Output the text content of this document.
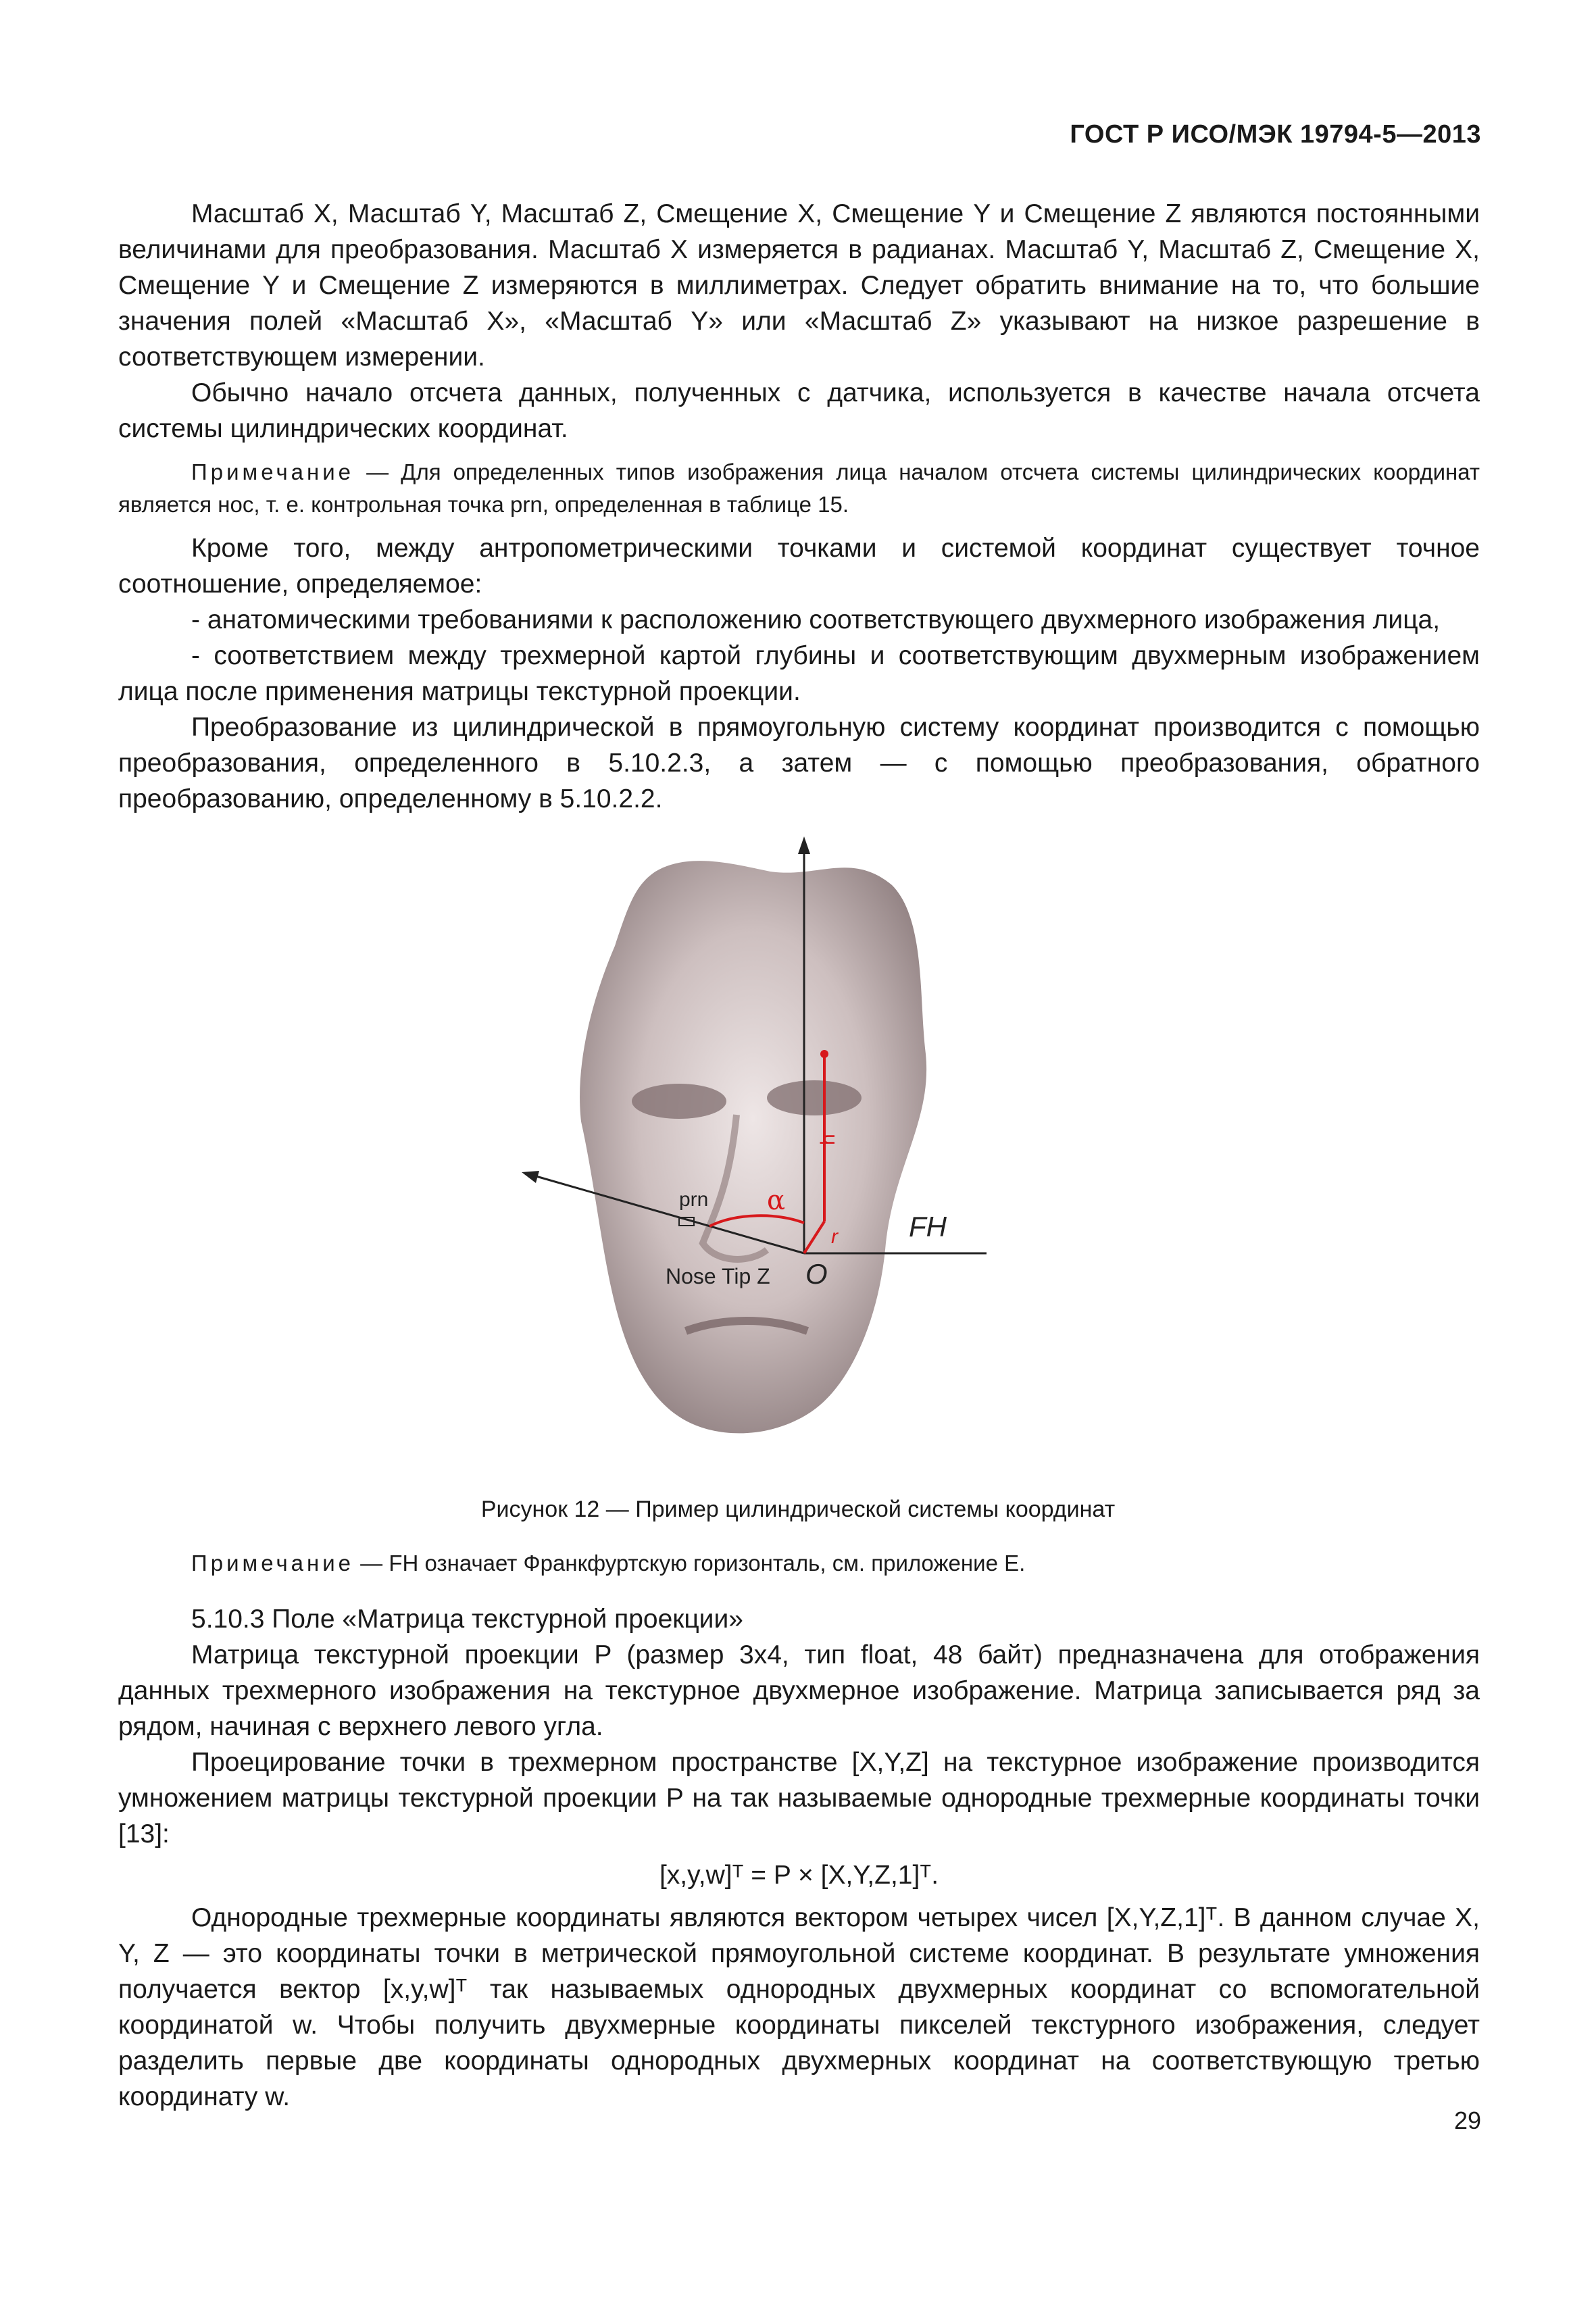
ГОСТ Р ИСО/МЭК 19794-5—2013

Масштаб X, Масштаб Y, Масштаб Z, Смещение X, Смещение Y и Смещение Z являются постоянными величинами для преобразования. Масштаб X измеряется в радианах. Масштаб Y, Масштаб Z, Смещение X, Смещение Y и Смещение Z измеряются в миллиметрах. Следует обратить внимание на то, что большие значения полей «Масштаб X», «Масштаб Y» или «Масштаб Z» указывают на низкое разрешение в соответствующем измерении.

Обычно начало отсчета данных, полученных с датчика, используется в качестве начала отсчета системы цилиндрических координат.

Примечание — Для определенных типов изображения лица началом отсчета системы цилиндрических координат является нос, т. е. контрольная точка prn, определенная в таблице 15.

Кроме того, между антропометрическими точками и системой координат существует точное соотношение, определяемое:

- анатомическими требованиями к расположению соответствующего двухмерного изображения лица,

- соответствием между трехмерной картой глубины и соответствующим двухмерным изображением лица после применения матрицы текстурной проекции.

Преобразование из цилиндрической в прямоугольную систему координат производится с помощью преобразования, определенного в 5.10.2.3, а затем — с помощью преобразования, обратного преобразованию, определенному в 5.10.2.2.

prn α
h
r	FH
O
Nose Tip Z
Рисунок 12 — Пример цилиндрической системы координат

Примечание — FH означает Франкфуртскую горизонталь, см. приложение Е.

5.10.3 Поле «Матрица текстурной проекции»

Матрица текстурной проекции P (размер 3x4, тип float, 48 байт) предназначена для отображения данных трехмерного изображения на текстурное двухмерное изображение. Матрица записывается ряд за рядом, начиная с верхнего левого угла.

Проецирование точки в трехмерном пространстве [X,Y,Z] на текстурное изображение производится умножением матрицы текстурной проекции P на так называемые однородные трехмерные координаты точки [13]:

[x,y,w]ᵀ = P × [X,Y,Z,1]ᵀ.

Однородные трехмерные координаты являются вектором четырех чисел [X,Y,Z,1]ᵀ. В данном случае X, Y, Z — это координаты точки в метрической прямоугольной системе координат. В результате умножения получается вектор [x,y,w]ᵀ так называемых однородных двухмерных координат со вспомогательной координатой w. Чтобы получить двухмерные координаты пикселей текстурного изображения, следует разделить первые две координаты однородных двухмерных координат на соответствующую третью координату w.

29
